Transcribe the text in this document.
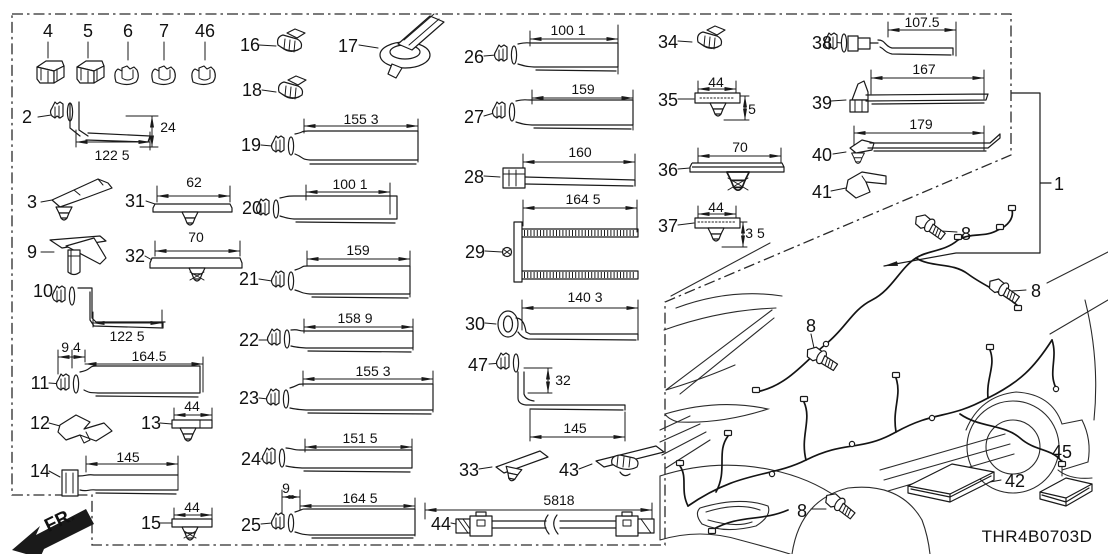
4 5 6 7 46
2
3	31
9	32
10
11
12	13
14
15
16	17
18
19
20
21
22
23
24
25
26
27
28
29
30
47
33	43
44
34
35
36
37
38
39
40
41	1
8
8
8
8
42
45
24
122 5
62
70
122 5
9 4
164.5
44
145
44
155 3
100 1
159
158 9
155 3
151 5
9
164 5
100 1
159
160
164 5
140 3
32
145
5818
44
5
70
44
3 5
107.5
167
179
THR4B0703D
FR.
